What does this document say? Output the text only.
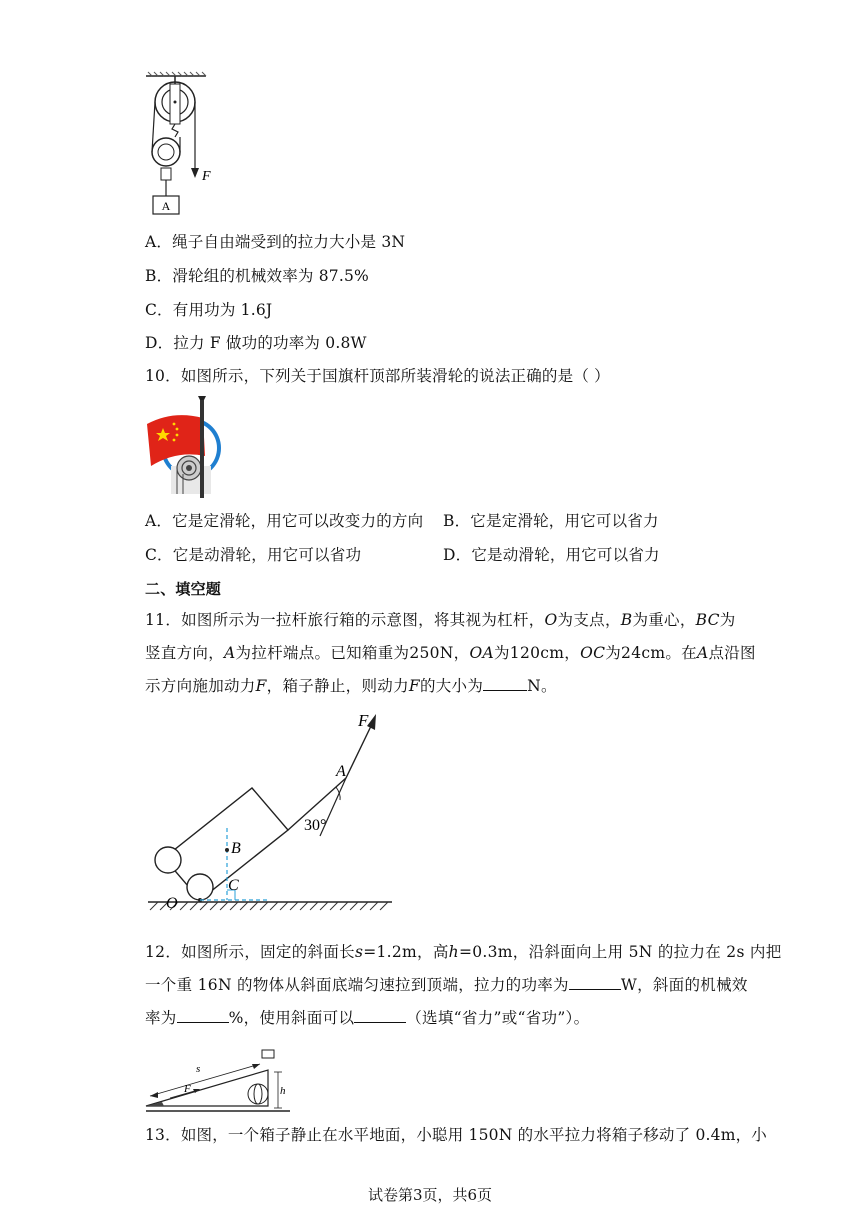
A
F
A．绳子自由端受到的拉力大小是 3N
B．滑轮组的机械效率为 87.5%
C．有用功为 1.6J
D．拉力 F 做功的功率为 0.8W
10．如图所示，下列关于国旗杆顶部所装滑轮的说法正确的是（ ）
A．它是定滑轮，用它可以改变力的方向 B．它是定滑轮，用它可以省力
C．它是动滑轮，用它可以省功	D．它是动滑轮，用它可以省力
二、填空题
11．如图所示为一拉杆旅行箱的示意图，将其视为杠杆，O为支点，B为重心，BC为
竖直方向，A为拉杆端点。已知箱重为250N，OA为120cm，OC为24cm。在A点沿图
示方向施加动力F，箱子静止，则动力F的大小为	N。
F
A
30°
B
C
O
12．如图所示，固定的斜面长s=1.2m，高h=0.3m，沿斜面向上用 5N 的拉力在 2s 内把
一个重 16N 的物体从斜面底端匀速拉到顶端，拉力的功率为	W，斜面的机械效
率为	%，使用斜面可以	（选填“省力”或“省功”）。
s
F	h
13．如图，一个箱子静止在水平地面，小聪用 150N 的水平拉力将箱子移动了 0.4m，小
试卷第3页，共6页
